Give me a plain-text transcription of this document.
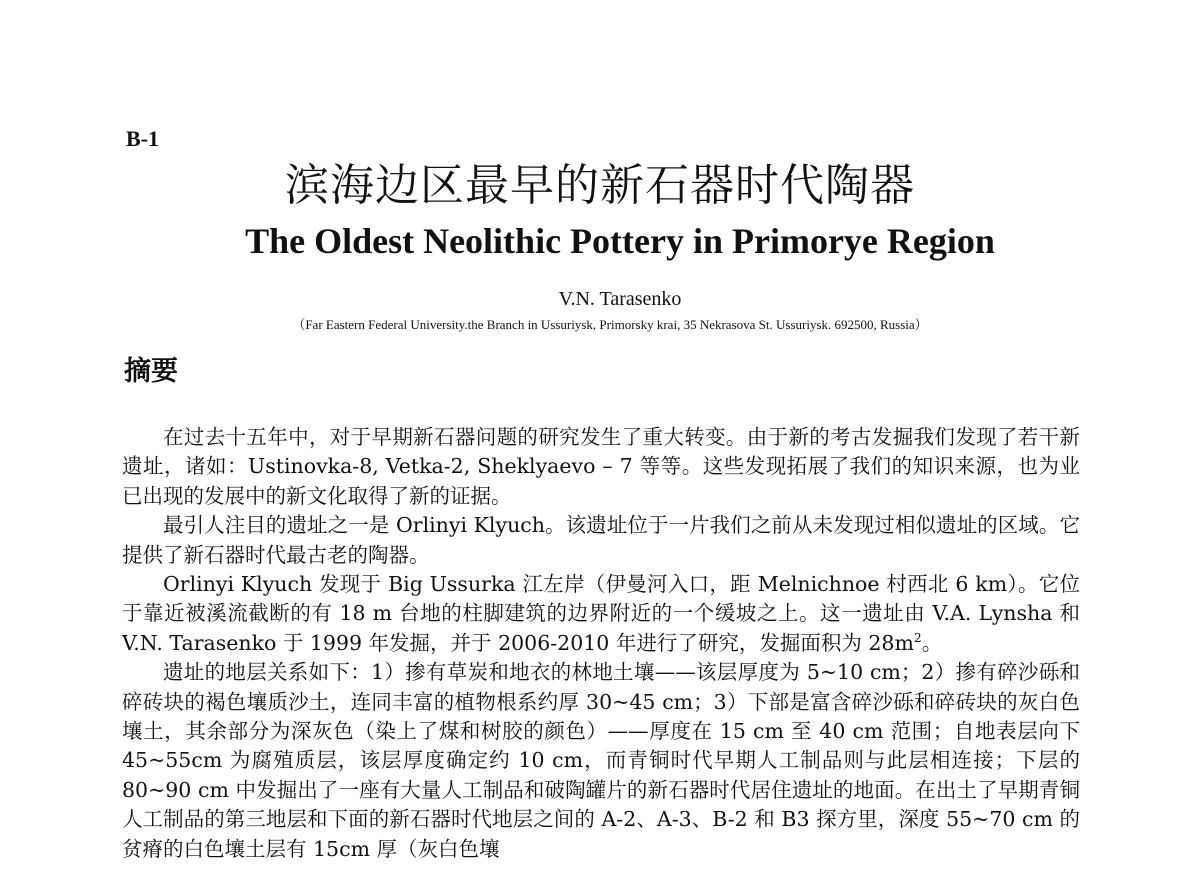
B-1
滨海边区最早的新石器时代陶器
The Oldest Neolithic Pottery in Primorye Region
V.N. Tarasenko
（Far Eastern Federal University.the Branch in Ussuriysk, Primorsky krai, 35 Nekrasova St. Ussuriysk. 692500, Russia）
摘要

在过去十五年中，对于早期新石器问题的研究发生了重大转变。由于新的考古发掘我们发现了若干新遗址，诸如：Ustinovka-8, Vetka-2, Sheklyaevo – 7 等等。这些发现拓展了我们的知识来源，也为业已出现的发展中的新文化取得了新的证据。

最引人注目的遗址之一是 Orlinyi Klyuch。该遗址位于一片我们之前从未发现过相似遗址的区域。它提供了新石器时代最古老的陶器。

Orlinyi Klyuch 发现于 Big Ussurka 江左岸（伊曼河入口，距 Melnichnoe 村西北 6 km）。它位于靠近被溪流截断的有 18 m 台地的柱脚建筑的边界附近的一个缓坡之上。这一遗址由 V.A. Lynsha 和 V.N. Tarasenko 于 1999 年发掘，并于 2006-2010 年进行了研究，发掘面积为 $28m^2$。

遗址的地层关系如下：1）掺有草炭和地衣的林地土壤——该层厚度为 5~10 cm；2）掺有碎沙砾和碎砖块的褐色壤质沙土，连同丰富的植物根系约厚 30~45 cm；3）下部是富含碎沙砾和碎砖块的灰白色壤土，其余部分为深灰色（染上了煤和树胶的颜色）——厚度在 15 cm 至 40 cm 范围；自地表层向下 45~55cm 为腐殖质层，该层厚度确定约 10 cm，而青铜时代早期人工制品则与此层相连接；下层的 80~90 cm 中发掘出了一座有大量人工制品和破陶罐片的新石器时代居住遗址的地面。在出土了早期青铜人工制品的第三地层和下面的新石器时代地层之间的 A-2、A-3、B-2 和 B3 探方里，深度 55~70 cm 的贫瘠的白色壤土层有 15cm 厚（灰白色壤
